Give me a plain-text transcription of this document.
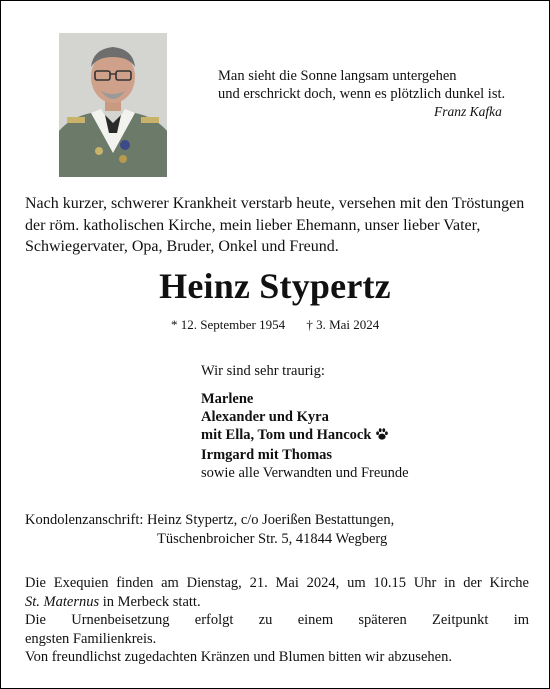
Man sieht die Sonne langsam untergehen
und erschrickt doch, wenn es plötzlich dunkel ist.
Franz Kafka
Nach kurzer, schwerer Krankheit verstarb heute, versehen mit den Tröstungen der röm. katholischen Kirche, mein lieber Ehemann, unser lieber Vater, Schwiegervater, Opa, Bruder, Onkel und Freund.
Heinz Stypertz
* 12. September 1954 † 3. Mai 2024
Wir sind sehr traurig:
Marlene
Alexander und Kyra
mit Ella, Tom und Hancock
Irmgard mit Thomas
sowie alle Verwandten und Freunde
Kondolenzanschrift: Heinz Stypertz, c/o Joerißen Bestattungen,
Tüschenbroicher Str. 5, 41844 Wegberg
Die Exequien finden am Dienstag, 21. Mai 2024, um 10.15 Uhr in der Kirche
St. Maternus in Merbeck statt.
Die Urnenbeisetzung erfolgt zu einem späteren Zeitpunkt im
engsten Familienkreis.
Von freundlichst zugedachten Kränzen und Blumen bitten wir abzusehen.
